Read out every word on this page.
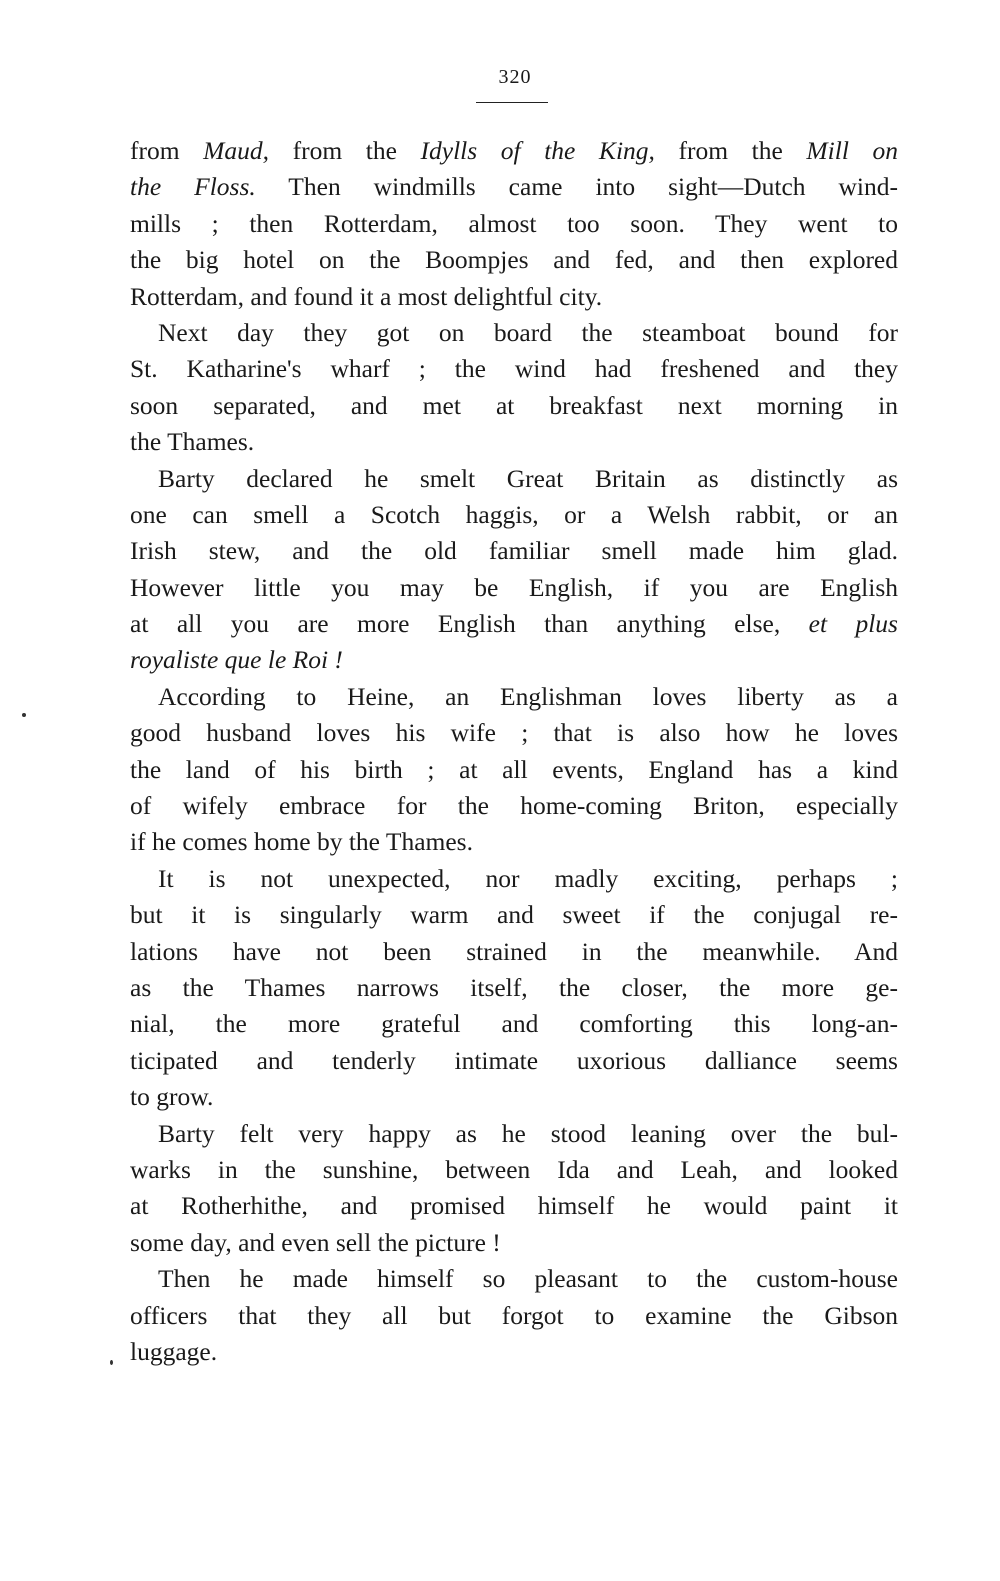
320
from Maud, from the Idylls of the King, from the Mill on
the Floss. Then windmills came into sight—Dutch wind-
mills ; then Rotterdam, almost too soon. They went to
the big hotel on the Boompjes and fed, and then explored
Rotterdam, and found it a most delightful city.
Next day they got on board the steamboat bound for
St. Katharine's wharf ; the wind had freshened and they
soon separated, and met at breakfast next morning in
the Thames.
Barty declared he smelt Great Britain as distinctly as
one can smell a Scotch haggis, or a Welsh rabbit, or an
Irish stew, and the old familiar smell made him glad.
However little you may be English, if you are English
at all you are more English than anything else, et plus
royaliste que le Roi !
According to Heine, an Englishman loves liberty as a
good husband loves his wife ; that is also how he loves
the land of his birth ; at all events, England has a kind
of wifely embrace for the home-coming Briton, especially
if he comes home by the Thames.
It is not unexpected, nor madly exciting, perhaps ;
but it is singularly warm and sweet if the conjugal re-
lations have not been strained in the meanwhile. And
as the Thames narrows itself, the closer, the more ge-
nial, the more grateful and comforting this long-an-
ticipated and tenderly intimate uxorious dalliance seems
to grow.
Barty felt very happy as he stood leaning over the bul-
warks in the sunshine, between Ida and Leah, and looked
at Rotherhithe, and promised himself he would paint it
some day, and even sell the picture !
Then he made himself so pleasant to the custom-house
officers that they all but forgot to examine the Gibson
luggage.
